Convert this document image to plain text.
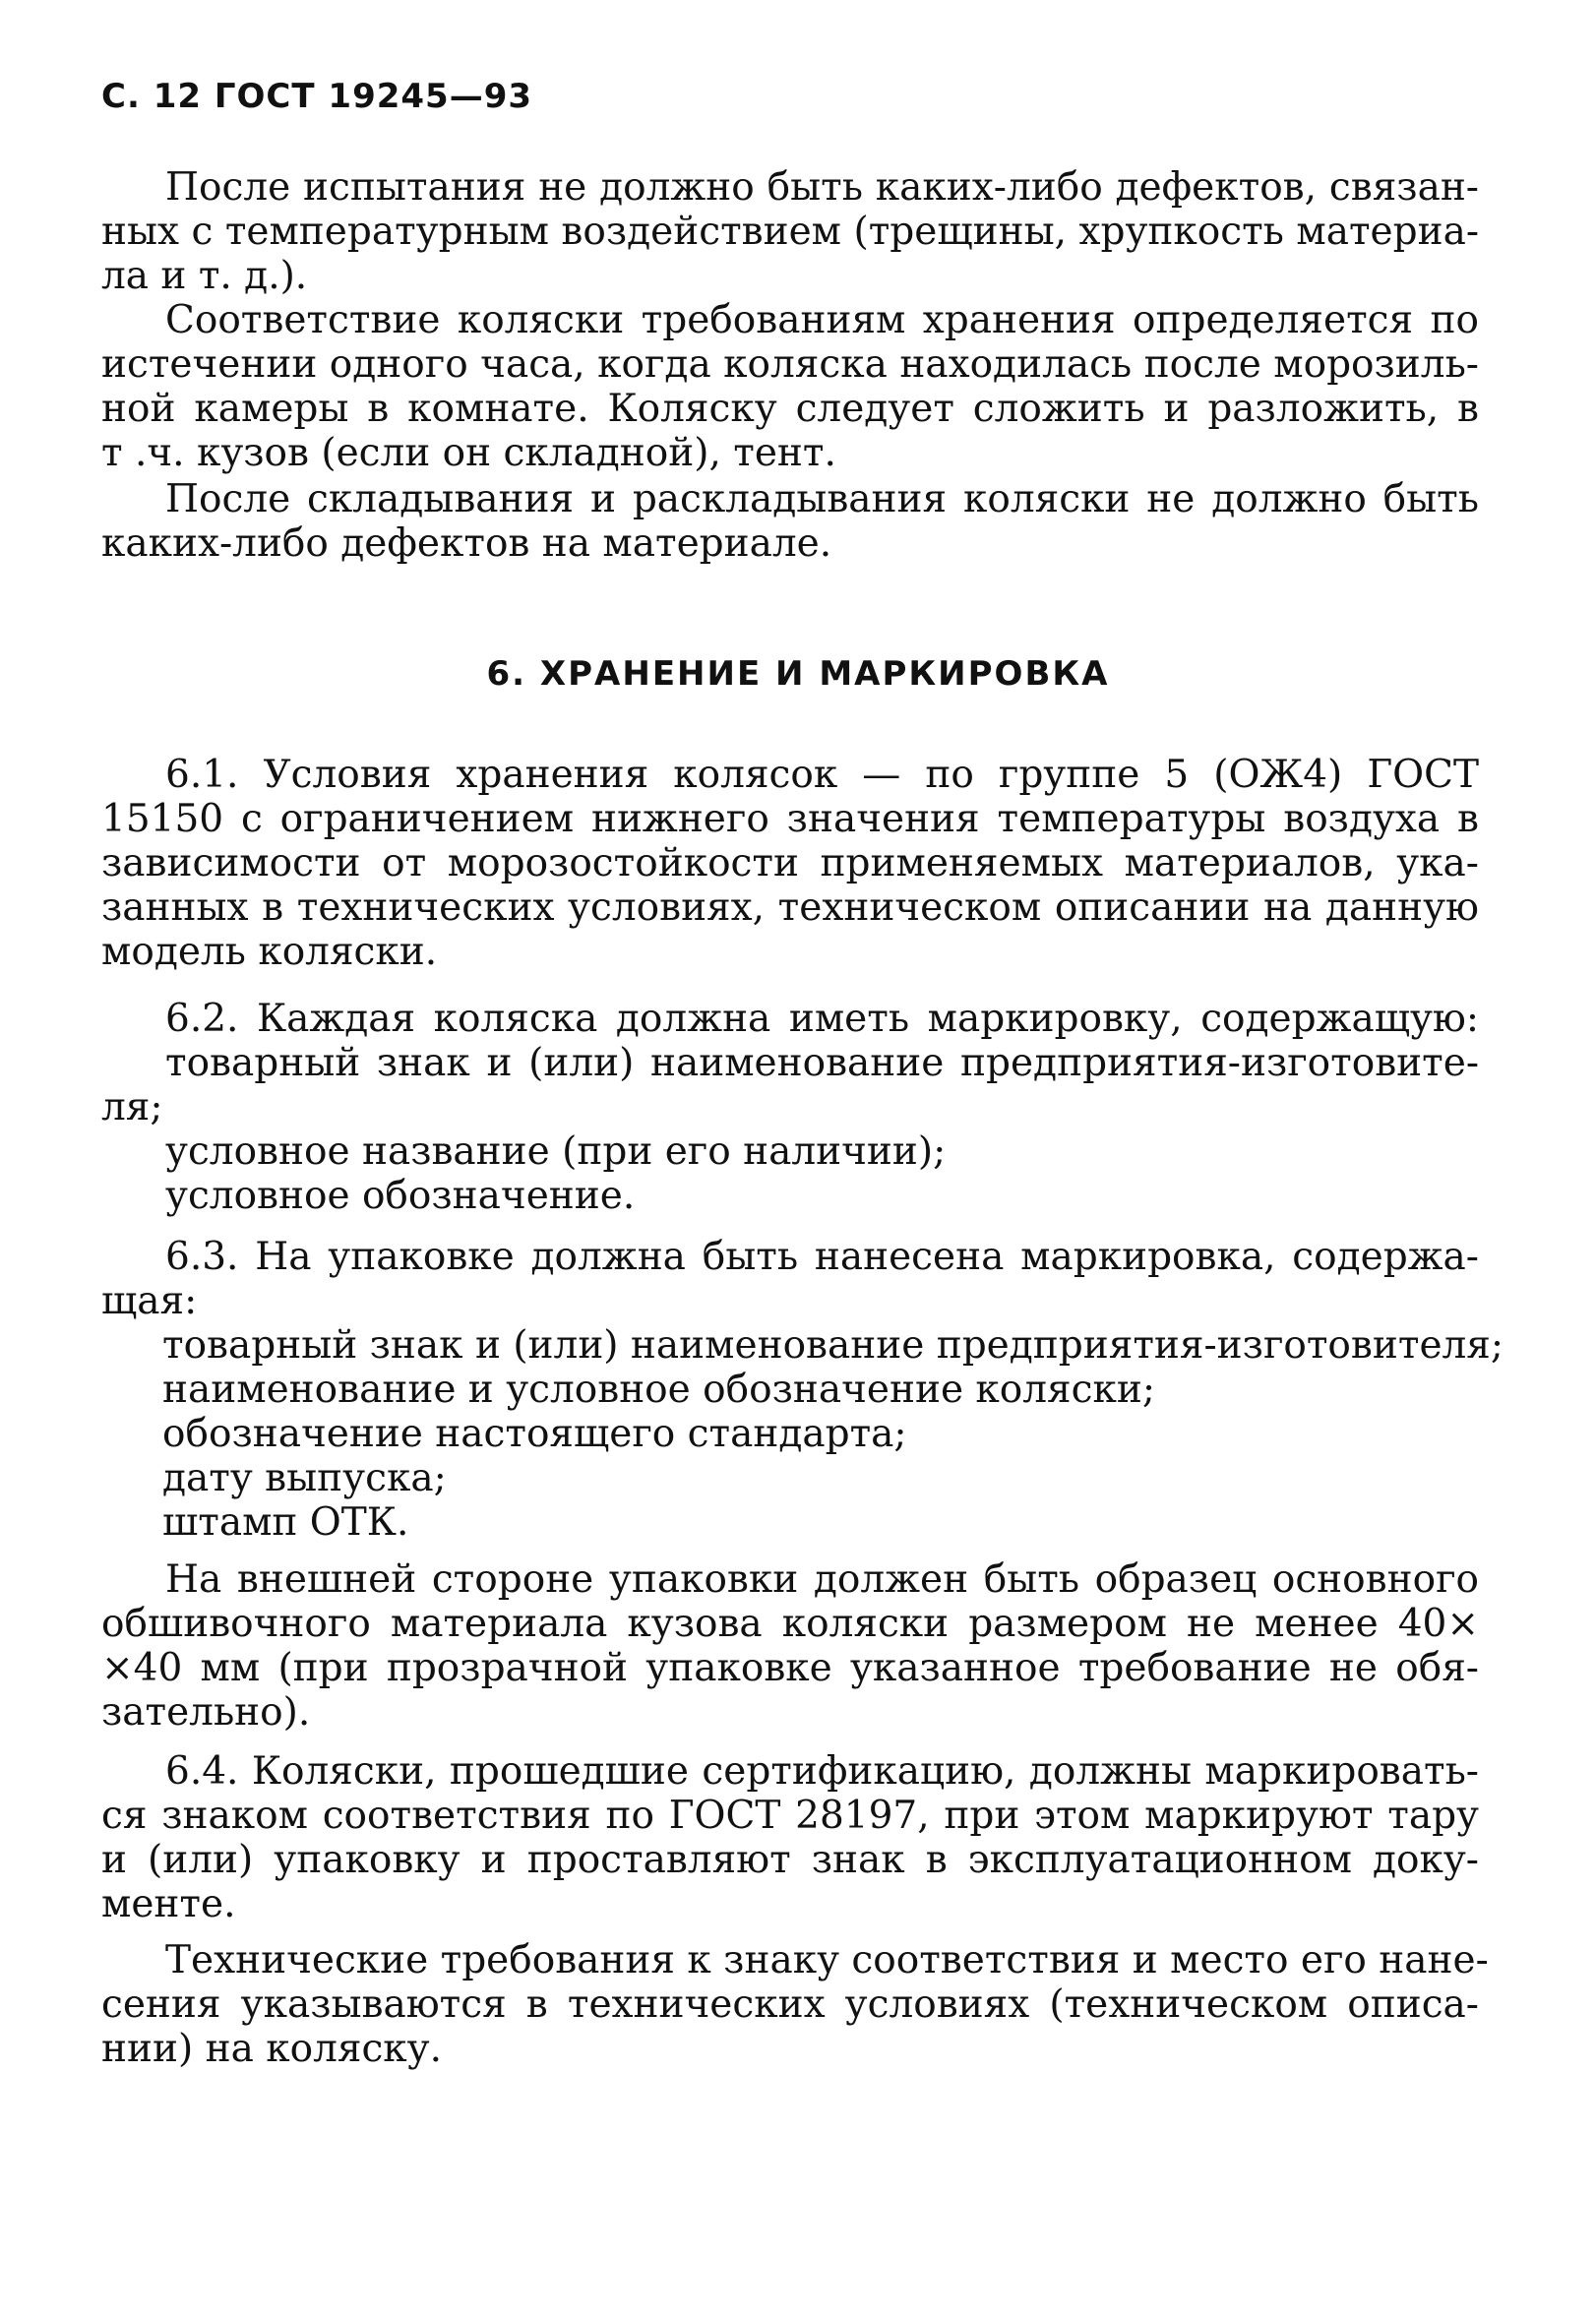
С. 12 ГОСТ 19245—93
После испытания не должно быть каких-либо дефектов, связан-
ных с температурным воздействием (трещины, хрупкость материа-
ла и т. д.).
Соответствие коляски требованиям хранения определяется по
истечении одного часа, когда коляска находилась после морозиль-
ной камеры в комнате. Коляску следует сложить и разложить, в
т .ч. кузов (если он складной), тент.
После складывания и раскладывания коляски не должно быть
каких-либо дефектов на материале.
6. ХРАНЕНИЕ И МАРКИРОВКА
6.1. Условия хранения колясок — по группе 5 (ОЖ4) ГОСТ
15150 с ограничением нижнего значения температуры воздуха в
зависимости от морозостойкости применяемых материалов, ука-
занных в технических условиях, техническом описании на данную
модель коляски.
6.2. Каждая коляска должна иметь маркировку, содержащую:
товарный знак и (или) наименование предприятия-изготовите-
ля;
условное название (при его наличии);
условное обозначение.
6.3. На упаковке должна быть нанесена маркировка, содержа-
щая:
товарный знак и (или) наименование предприятия-изготовителя;
наименование и условное обозначение коляски;
обозначение настоящего стандарта;
дату выпуска;
штамп ОТК.
На внешней стороне упаковки должен быть образец основного
обшивочного материала кузова коляски размером не менее 40×
×40 мм (при прозрачной упаковке указанное требование не обя-
зательно).
6.4. Коляски, прошедшие сертификацию, должны маркировать-
ся знаком соответствия по ГОСТ 28197, при этом маркируют тару
и (или) упаковку и проставляют знак в эксплуатационном доку-
менте.
Технические требования к знаку соответствия и место его нане-
сения указываются в технических условиях (техническом описа-
нии) на коляску.
